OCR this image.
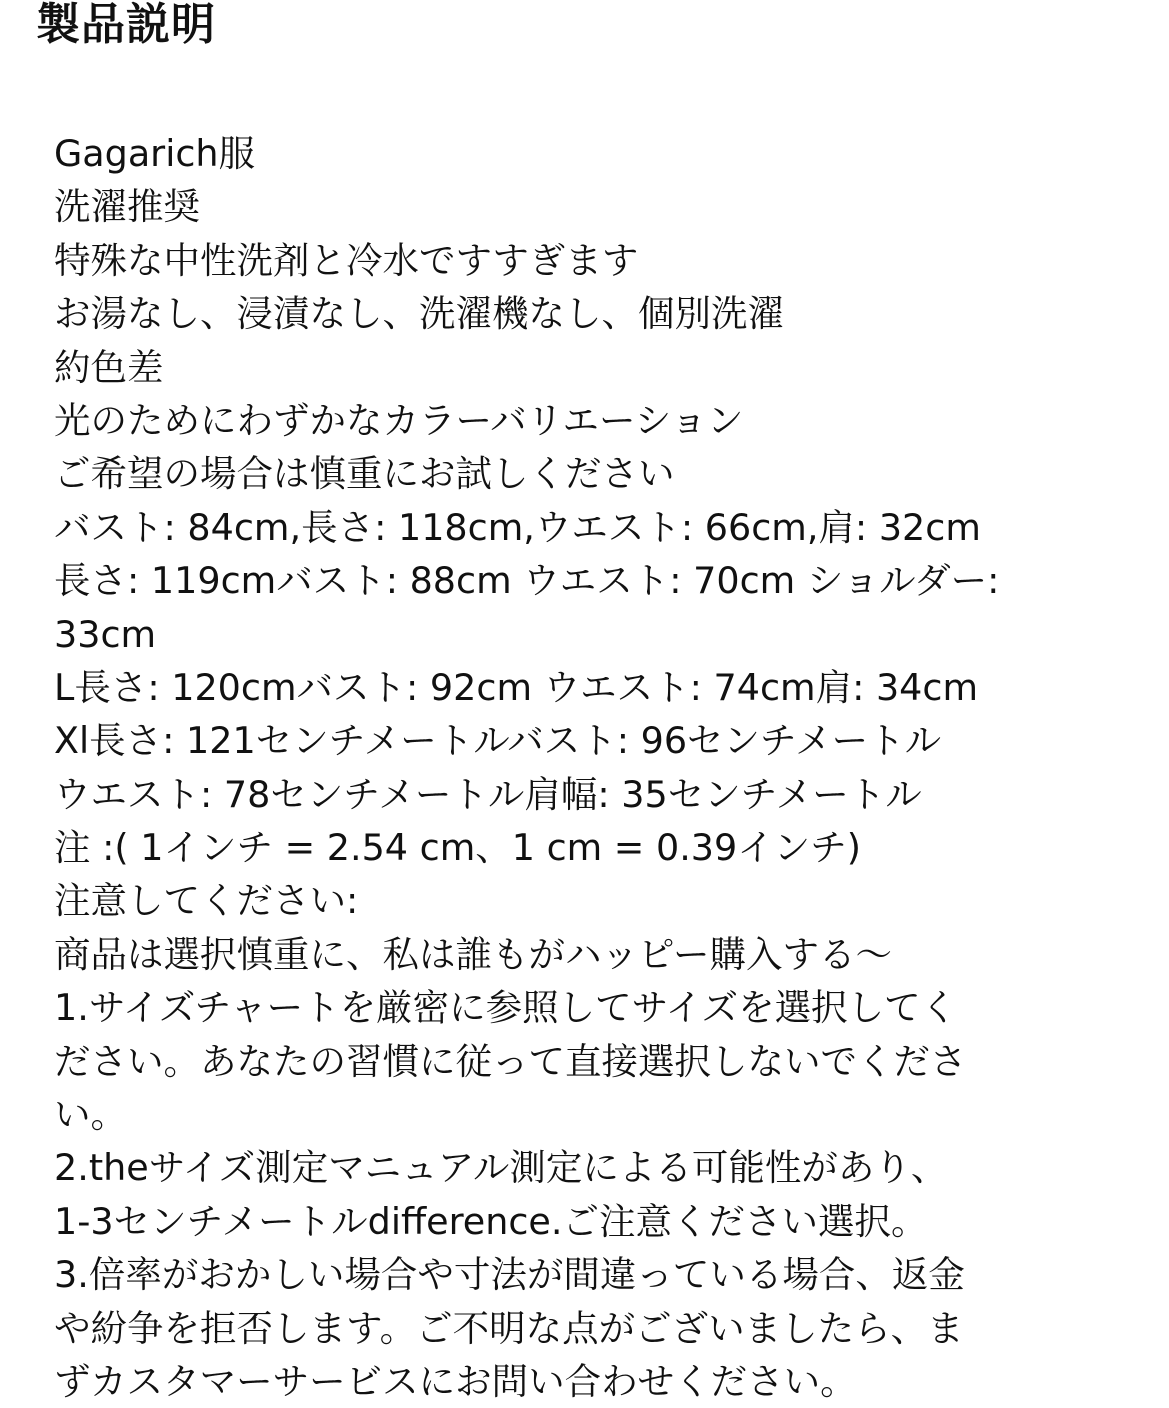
製品説明
Gagarich服
洗濯推奨
特殊な中性洗剤と冷水ですすぎます
お湯なし、浸漬なし、洗濯機なし、個別洗濯
約色差
光のためにわずかなカラーバリエーション
ご希望の場合は慎重にお試しください
バスト: 84cm,長さ: 118cm,ウエスト: 66cm,肩: 32cm
長さ: 119cmバスト: 88cm ウエスト: 70cm ショルダー:
33cm
L長さ: 120cmバスト: 92cm ウエスト: 74cm肩: 34cm
Xl長さ: 121センチメートルバスト: 96センチメートル
ウエスト: 78センチメートル肩幅: 35センチメートル
注 :( 1インチ = 2.54 cm、1 cm = 0.39インチ)
注意してください:
商品は選択慎重に、私は誰もがハッピー購入する〜
1.サイズチャートを厳密に参照してサイズを選択してく
ださい。あなたの習慣に従って直接選択しないでくださ
い。
2.theサイズ測定マニュアル測定による可能性があり、
1-3センチメートルdifference.ご注意ください選択。
3.倍率がおかしい場合や寸法が間違っている場合、返金
や紛争を拒否します。ご不明な点がございましたら、ま
ずカスタマーサービスにお問い合わせください。
